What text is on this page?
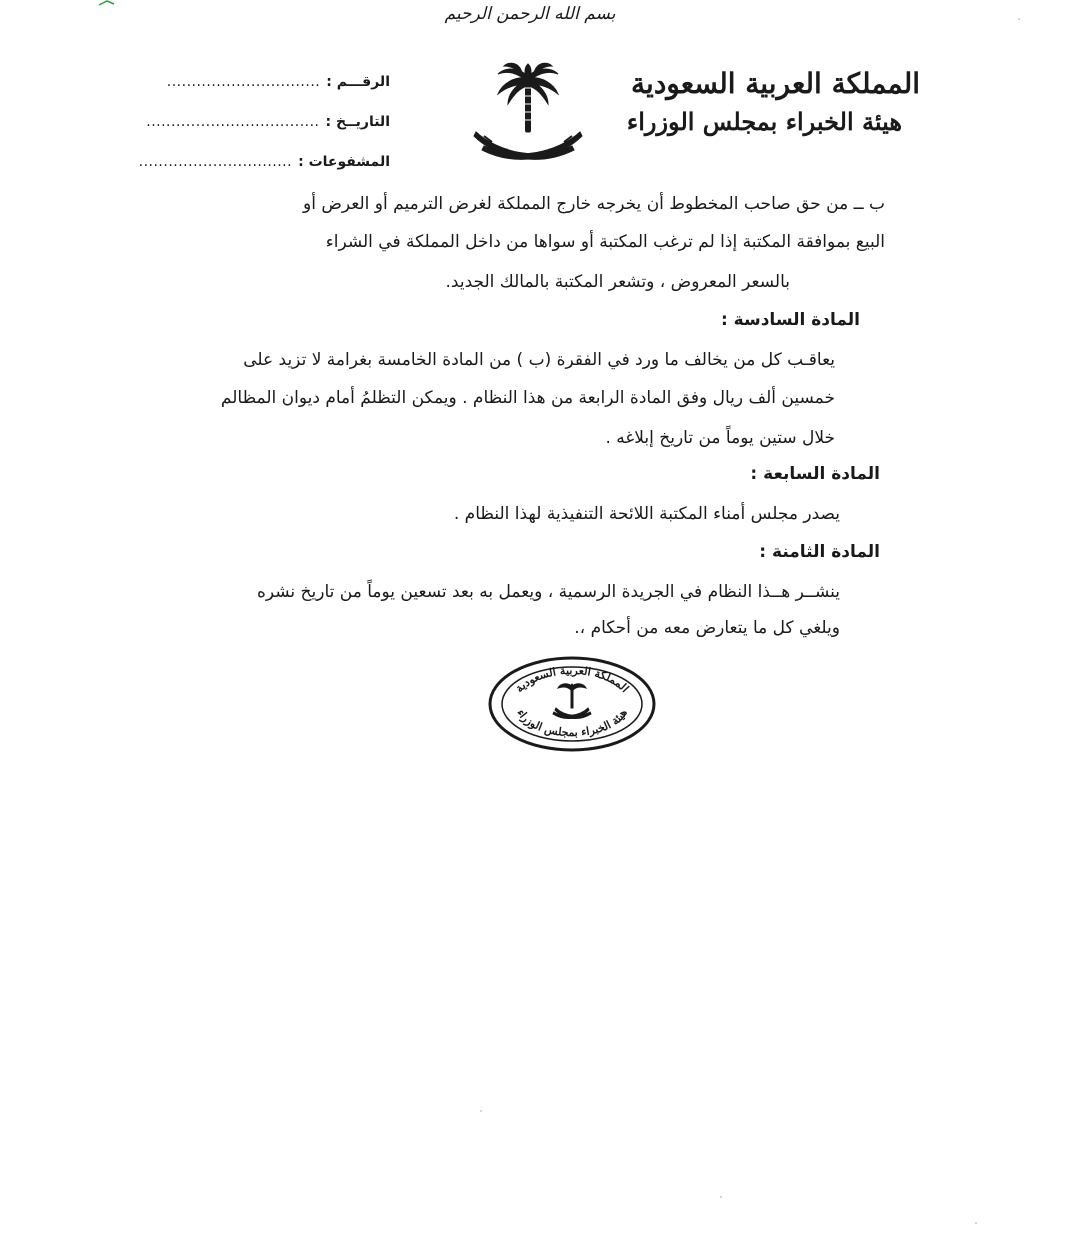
بسم الله الرحمن الرحيم
المملكة العربية السعودية
هيئة الخبراء بمجلس الوزراء
الرقـــم :
...............................
التاريــخ :
...................................
المشفوعات :
...............................
ب ــ من حق صاحب المخطوط أن يخرجه خارج المملكة لغرض الترميم أو العرض أو
البيع بموافقة المكتبة إذا لم ترغب المكتبة أو سواها من داخل المملكة في الشراء
بالسعر المعروض ، وتشعر المكتبة بالمالك الجديد.
المادة السادسة :
يعاقـب كل من يخالف ما ورد في الفقرة (ب ) من المادة الخامسة بغرامة لا تزيد على
خمسين ألف ريال وفق المادة الرابعة من هذا النظام . ويمكن التظلمُ أمام ديوان المظالم
خلال ستين يوماً من تاريخ إبلاغه .
المادة السابعة :
يصدر مجلس أمناء المكتبة اللائحة التنفيذية لهذا النظام .
المادة الثامنة :
ينشــر هــذا النظام في الجريدة الرسمية ، ويعمل به بعد تسعين يوماً من تاريخ نشره
ويلغي كل ما يتعارض معه من أحكام ،.
المملكة العربية السعودية
هيئة الخبراء بمجلس الوزراء
